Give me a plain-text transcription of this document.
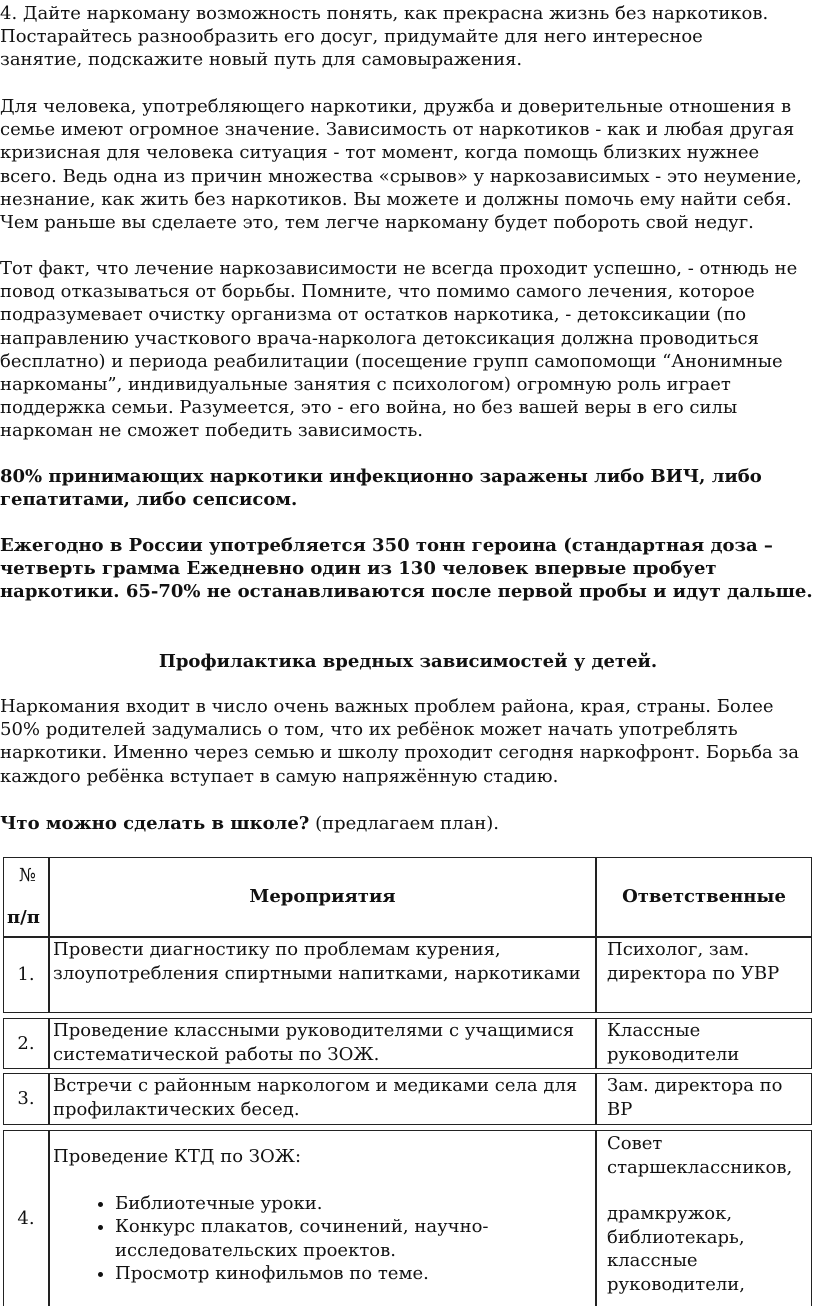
4. Дайте наркоману возможность понять, как прекрасна жизнь без наркотиков. Постарайтесь разнообразить его досуг, придумайте для него интересное занятие, подскажите новый путь для самовыражения.

Для человека, употребляющего наркотики, дружба и доверительные отношения в семье имеют огромное значение. Зависимость от наркотиков - как и любая другая кризисная для человека ситуация - тот момент, когда помощь близких нужнее всего. Ведь одна из причин множества «срывов» у наркозависимых - это неумение, незнание, как жить без наркотиков. Вы можете и должны помочь ему найти себя. Чем раньше вы сделаете это, тем легче наркоману будет побороть свой недуг.

Тот факт, что лечение наркозависимости не всегда проходит успешно, - отнюдь не повод отказываться от борьбы. Помните, что помимо самого лечения, которое подразумевает очистку организма от остатков наркотика, - детоксикации (по направлению участкового врача-нарколога детоксикация должна проводиться бесплатно) и периода реабилитации (посещение групп самопомощи “Анонимные наркоманы”, индивидуальные занятия с психологом) огромную роль играет поддержка семьи. Разумеется, это - его война, но без вашей веры в его силы наркоман не сможет победить зависимость.

80% принимающих наркотики инфекционно заражены либо ВИЧ, либо гепатитами, либо сепсисом.

Ежегодно в России употребляется 350 тонн героина (стандартная доза – четверть грамма Ежедневно один из 130 человек впервые пробует наркотики. 65-70% не останавливаются после первой пробы и идут дальше.

Профилактика вредных зависимостей у детей.

Наркомания входит в число очень важных проблем района, края, страны. Более 50% родителей задумались о том, что их ребёнок может начать употреблять наркотики. Именно через семью и школу проходит сегодня наркофронт. Борьба за каждого ребёнка вступает в самую напряжённую стадию.

Что можно сделать в школе? (предлагаем план).

№
п/п
Мероприятия	Ответственные
1.
Провести диагностику по проблемам курения, злоупотребления спиртными напитками, наркотиками
Психолог, зам. директора по УВР
2.
Проведение классными руководителями с учащимися систематической работы по ЗОЖ.
Классные руководители
3.
Встречи с районным наркологом и медиками села для профилактических бесед.
Зам. директора по ВР
4.
Проведение КТД по ЗОЖ:
• Библиотечные уроки.
• Конкурс плакатов, сочинений, научно-исследовательских проектов.
• Просмотр кинофильмов по теме.
Совет старшеклассников,
драмкружок, библиотекарь, классные руководители,
